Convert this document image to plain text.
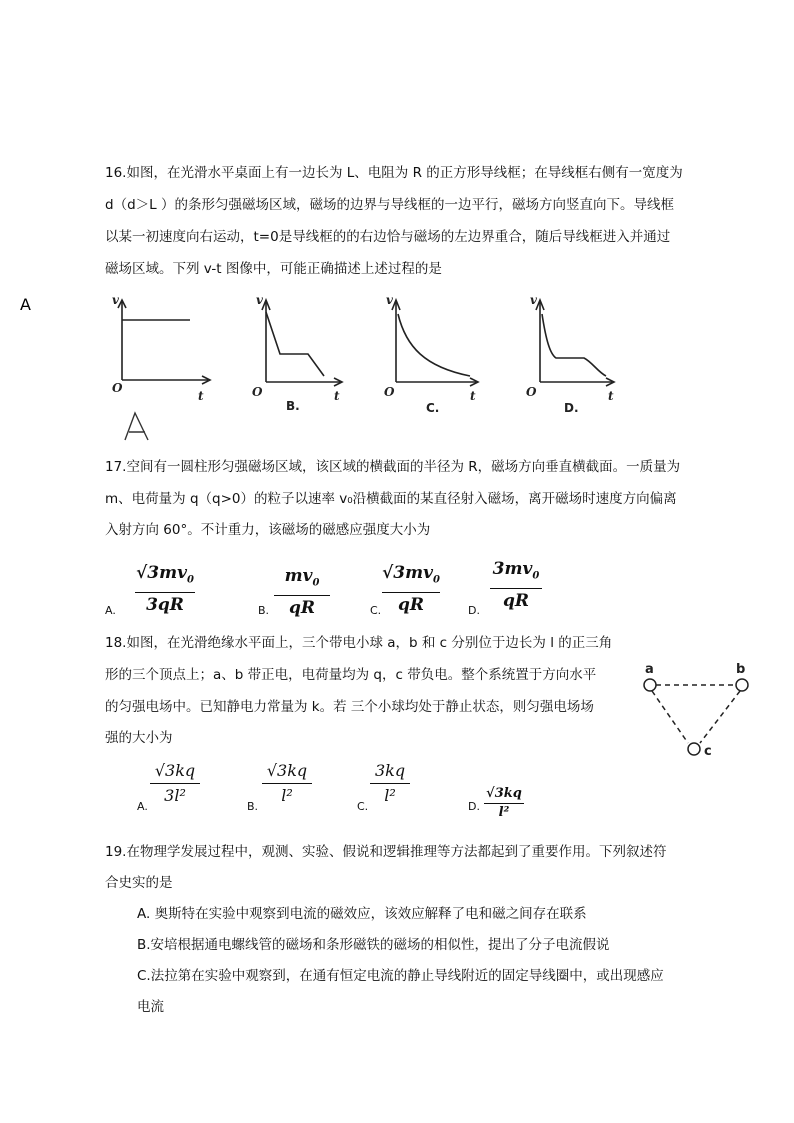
16.如图，在光滑水平桌面上有一边长为 L、电阻为 R 的正方形导线框；在导线框右侧有一宽度为
d（d＞L ）的条形匀强磁场区域，磁场的边界与导线框的一边平行，磁场方向竖直向下。导线框
以某一初速度向右运动，t=0是导线框的的右边恰与磁场的左边界重合，随后导线框进入并通过
磁场区域。下列 v-t 图像中，可能正确描述上述过程的是
v
t
O
v
t
O
v
t
O
v
t
O
B.	C.	D.
A
17.空间有一圆柱形匀强磁场区域，该区域的横截面的半径为 R，磁场方向垂直横截面。一质量为
m、电荷量为 q（q>0）的粒子以速率 v₀沿横截面的某直径射入磁场，离开磁场时速度方向偏离
入射方向 60°。不计重力，该磁场的磁感应强度大小为
A.
$√3mv_0$
3qR	B.
$mv_0$
qR	C.
$√3mv_0$
qR	D.
$3mv_0$
qR
18.如图，在光滑绝缘水平面上，三个带电小球 a，b 和 c 分别位于边长为 l 的正三角
形的三个顶点上；a、b 带正电，电荷量均为 q，c 带负电。整个系统置于方向水平
的匀强电场中。已知静电力常量为 k。若 三个小球均处于静止状态，则匀强电场场
强的大小为
a	b
c
A.
√3kq
3l²
B.
√3kq
l²
C.
3kq
l²
D.
√3kq
l²
19.在物理学发展过程中，观测、实验、假说和逻辑推理等方法都起到了重要作用。下列叙述符
合史实的是
A. 奥斯特在实验中观察到电流的磁效应，该效应解释了电和磁之间存在联系
B.安培根据通电螺线管的磁场和条形磁铁的磁场的相似性，提出了分子电流假说
C.法拉第在实验中观察到，在通有恒定电流的静止导线附近的固定导线圈中，或出现感应
电流
